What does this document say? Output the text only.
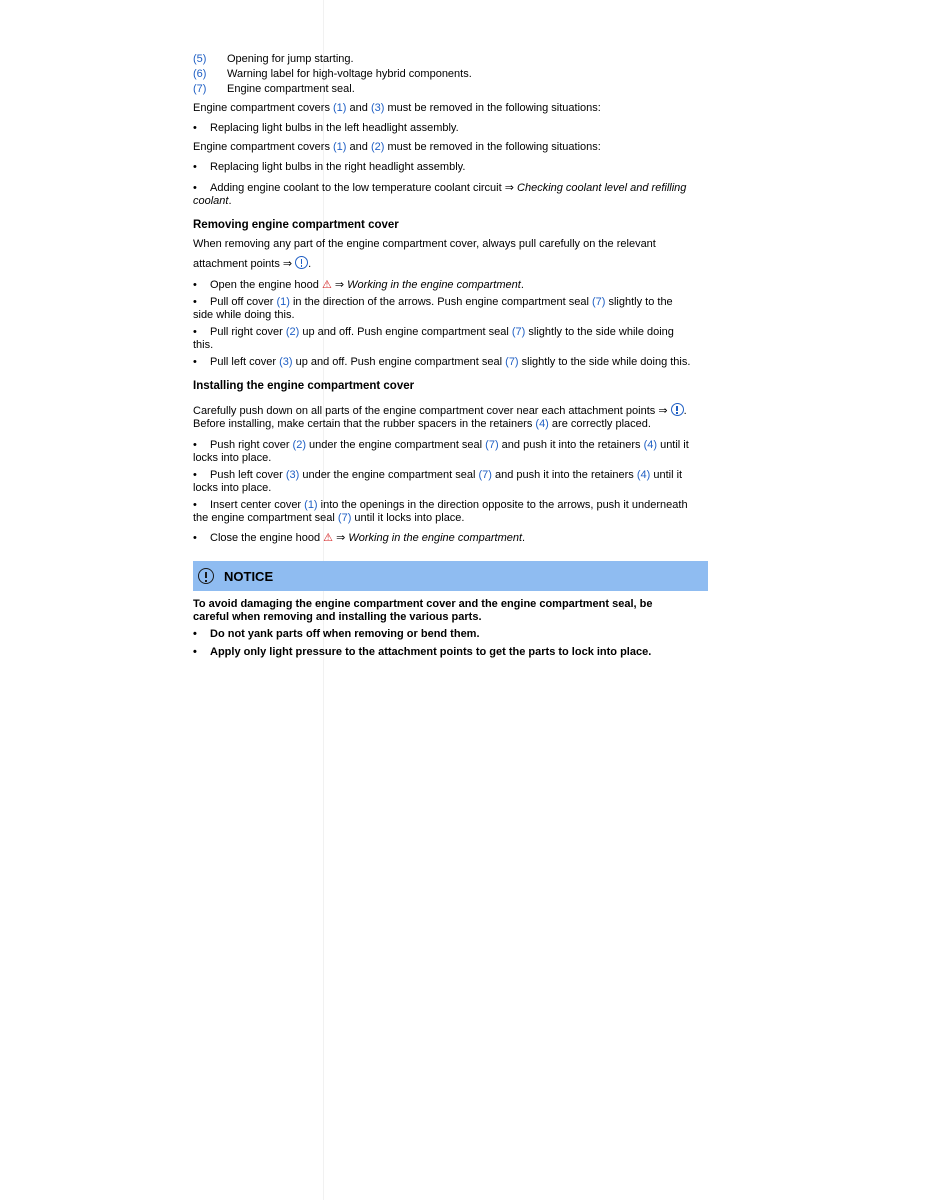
(5)	Opening for jump starting.
(6)	Warning label for high-voltage hybrid components.
(7)	Engine compartment seal.

Engine compartment covers (1) and (3) must be removed in the following situations:

• Replacing light bulbs in the left headlight assembly.

Engine compartment covers (1) and (2) must be removed in the following situations:

• Replacing light bulbs in the right headlight assembly.
• Adding engine coolant to the low temperature coolant circuit ⇒ Checking coolant level and refilling coolant.
Removing engine compartment cover

When removing any part of the engine compartment cover, always pull carefully on the relevant

attachment points ⇒ .

• Open the engine hood ⚠ ⇒ Working in the engine compartment.
• Pull off cover (1) in the direction of the arrows. Push engine compartment seal (7) slightly to the
side while doing this.
• Pull right cover (2) up and off. Push engine compartment seal (7) slightly to the side while doing
this.
• Pull left cover (3) up and off. Push engine compartment seal (7) slightly to the side while doing this.
Installing the engine compartment cover

Carefully push down on all parts of the engine compartment cover near each attachment points ⇒ .
Before installing, make certain that the rubber spacers in the retainers (4) are correctly placed.

• Push right cover (2) under the engine compartment seal (7) and push it into the retainers (4) until it
locks into place.
• Push left cover (3) under the engine compartment seal (7) and push it into the retainers (4) until it
locks into place.
• Insert center cover (1) into the openings in the direction opposite to the arrows, push it underneath
the engine compartment seal (7) until it locks into place.
• Close the engine hood ⚠ ⇒ Working in the engine compartment.
NOTICE

To avoid damaging the engine compartment cover and the engine compartment seal, be
careful when removing and installing the various parts.

• Do not yank parts off when removing or bend them.
• Apply only light pressure to the attachment points to get the parts to lock into place.
